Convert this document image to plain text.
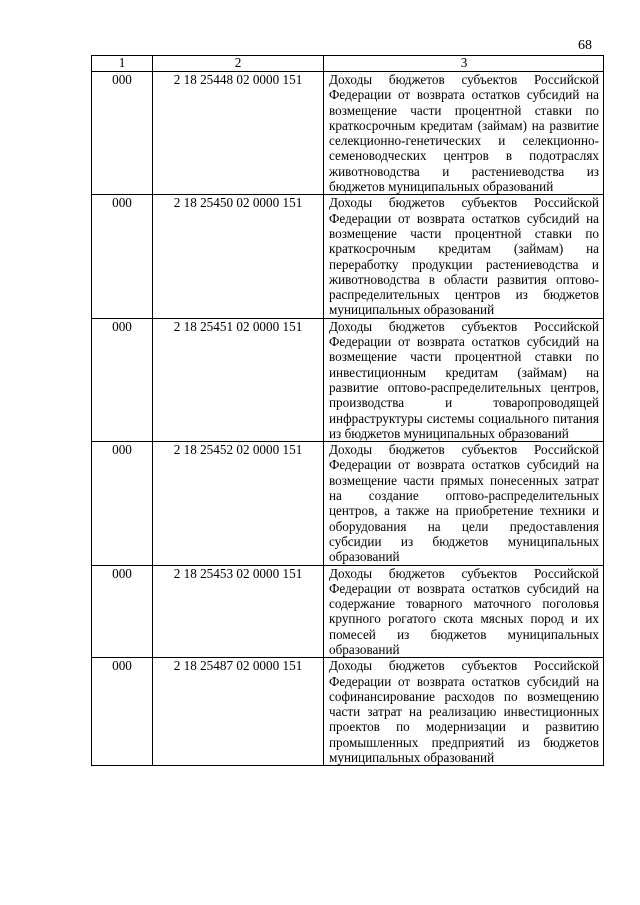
68
1	2	3
000	2 18 25448 02 0000 151	Доходы бюджетов субъектов Российской Федерации от возврата остатков субсидий на возмещение части процентной ставки по краткосрочным кредитам (займам) на развитие селекционно-генетических и селекционно-семеноводческих центров в подотраслях животноводства и растениеводства из бюджетов муниципальных образований
000	2 18 25450 02 0000 151	Доходы бюджетов субъектов Российской Федерации от возврата остатков субсидий на возмещение части процентной ставки по краткосрочным кредитам (займам) на переработку продукции растениеводства и животноводства в области развития оптово-распределительных центров из бюджетов муниципальных образований
000	2 18 25451 02 0000 151	Доходы бюджетов субъектов Российской Федерации от возврата остатков субсидий на возмещение части процентной ставки по инвестиционным кредитам (займам) на развитие оптово-распределительных центров, производства и товаропроводящей инфраструктуры системы социального питания из бюджетов муниципальных образований
000	2 18 25452 02 0000 151	Доходы бюджетов субъектов Российской Федерации от возврата остатков субсидий на возмещение части прямых понесенных затрат на создание оптово-распределительных центров, а также на приобретение техники и оборудования на цели предоставления субсидии из бюджетов муниципальных образований
000	2 18 25453 02 0000 151	Доходы бюджетов субъектов Российской Федерации от возврата остатков субсидий на содержание товарного маточного поголовья крупного рогатого скота мясных пород и их помесей из бюджетов муниципальных образований
000	2 18 25487 02 0000 151	Доходы бюджетов субъектов Российской Федерации от возврата остатков субсидий на софинансирование расходов по возмещению части затрат на реализацию инвестиционных проектов по модернизации и развитию промышленных предприятий из бюджетов муниципальных образований
